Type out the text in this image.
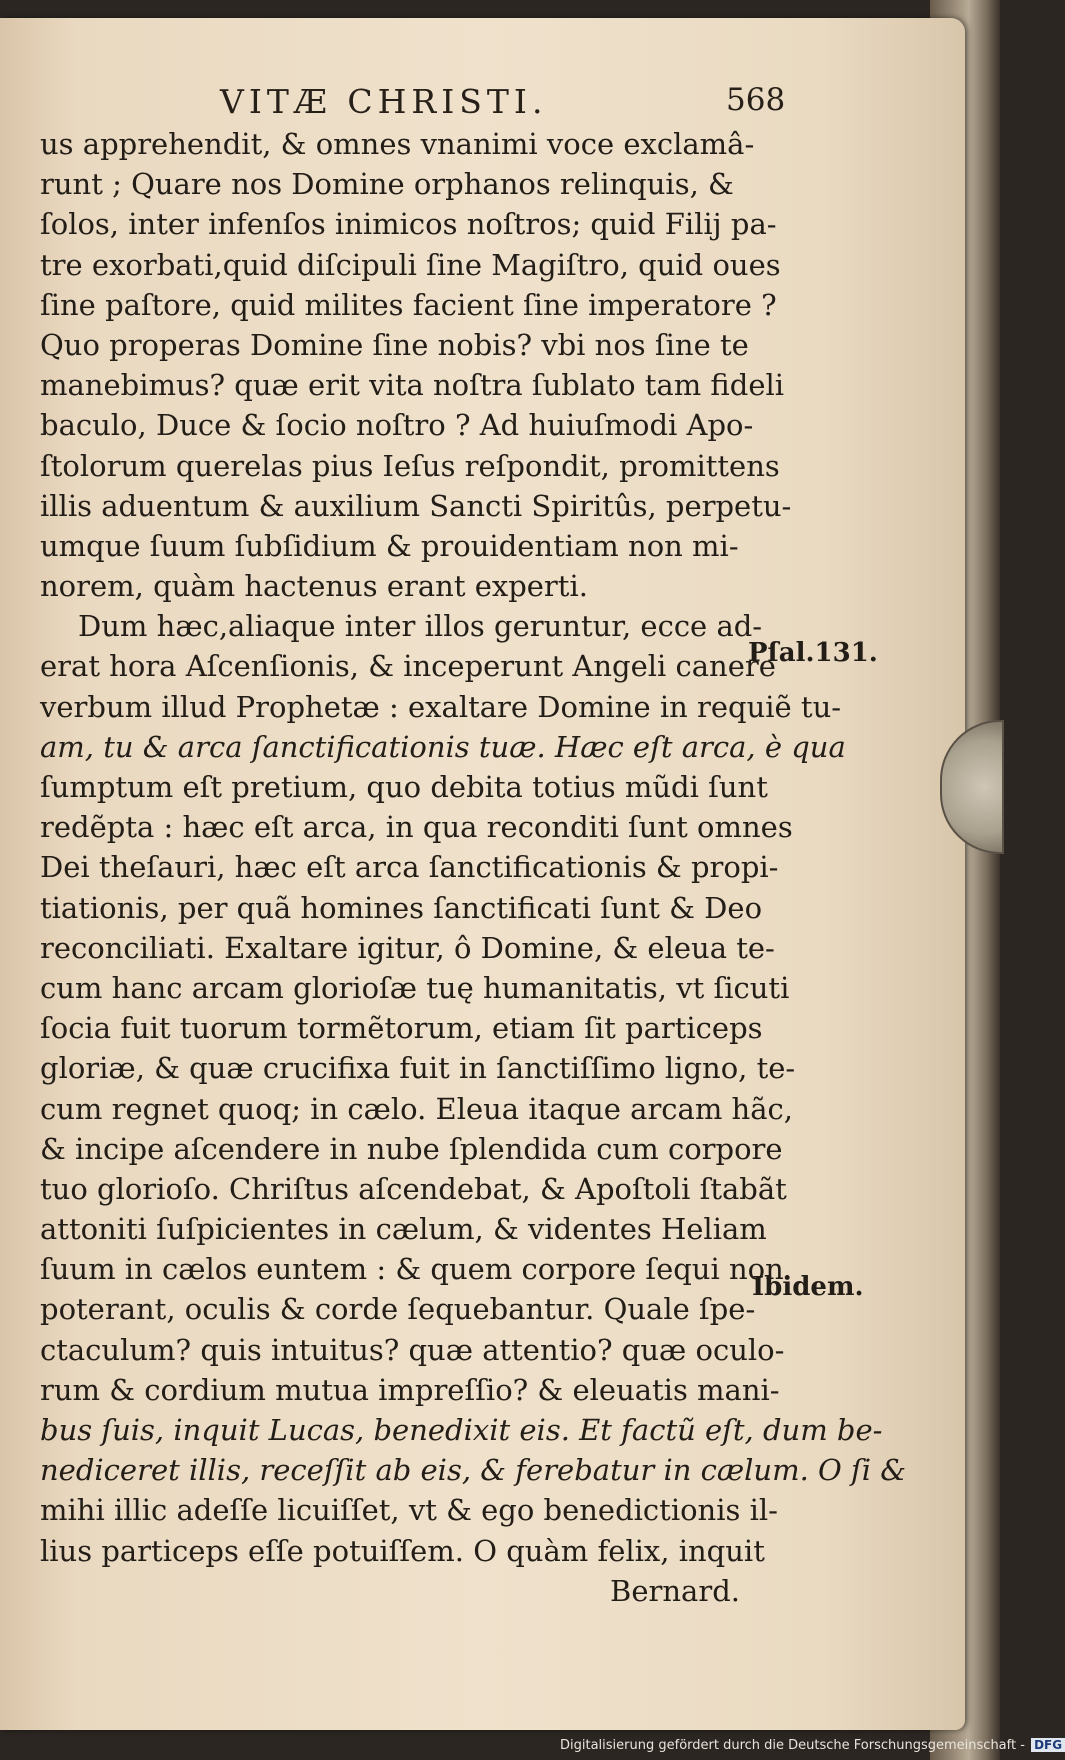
VITÆ CHRISTI.	568
us apprehendit, & omnes vnanimi voce exclamâ-
runt ; Quare nos Domine orphanos relinquis, &
ſolos, inter infenſos inimicos noſtros; quid Filij pa-
tre exorbati,quid diſcipuli ſine Magiſtro, quid oues
ſine paſtore, quid milites facient ſine imperatore ?
Quo properas Domine ſine nobis? vbi nos ſine te
manebimus? quæ erit vita noſtra ſublato tam fideli
baculo, Duce & ſocio noſtro ? Ad huiuſmodi Apo-
ſtolorum querelas pius Ieſus reſpondit, promittens
illis aduentum & auxilium Sancti Spiritûs, perpetu-
umque ſuum ſubſidium & prouidentiam non mi-
norem, quàm hactenus erant experti.
Dum hæc,aliaque inter illos geruntur, ecce ad-
erat hora Aſcenſionis, & inceperunt Angeli canere
verbum illud Prophetæ : exaltare Domine in requiẽ tu-
am, tu & arca ſanctificationis tuæ. Hæc eſt arca, è qua
ſumptum eſt pretium, quo debita totius mũdi ſunt
redẽpta : hæc eſt arca, in qua reconditi ſunt omnes
Dei theſauri, hæc eſt arca ſanctificationis & propi-
tiationis, per quã homines ſanctificati ſunt & Deo
reconciliati. Exaltare igitur, ô Domine, & eleua te-
cum hanc arcam glorioſæ tuę humanitatis, vt ſicuti
ſocia fuit tuorum tormẽtorum, etiam ſit particeps
gloriæ, & quæ crucifixa fuit in ſanctiſſimo ligno, te-
cum regnet quoq; in cælo. Eleua itaque arcam hãc,
& incipe aſcendere in nube ſplendida cum corpore
tuo glorioſo. Chriſtus aſcendebat, & Apoſtoli ſtabãt
attoniti ſuſpicientes in cælum, & videntes Heliam
ſuum in cælos euntem : & quem corpore ſequi non
poterant, oculis & corde ſequebantur. Quale ſpe-
ctaculum? quis intuitus? quæ attentio? quæ oculo-
rum & cordium mutua impreſſio? & eleuatis mani-
bus ſuis, inquit Lucas, benedixit eis. Et factũ eſt, dum be-
nediceret illis, receſſit ab eis, & ferebatur in cælum. O ſi &
mihi illic adeſſe licuiſſet, vt & ego benedictionis il-
lius particeps eſſe potuiſſem. O quàm felix, inquit
Bernard.
Pſal.131.
Ibidem.
Digitalisierung gefördert durch die Deutsche Forschungsgemeinschaft - DFG
